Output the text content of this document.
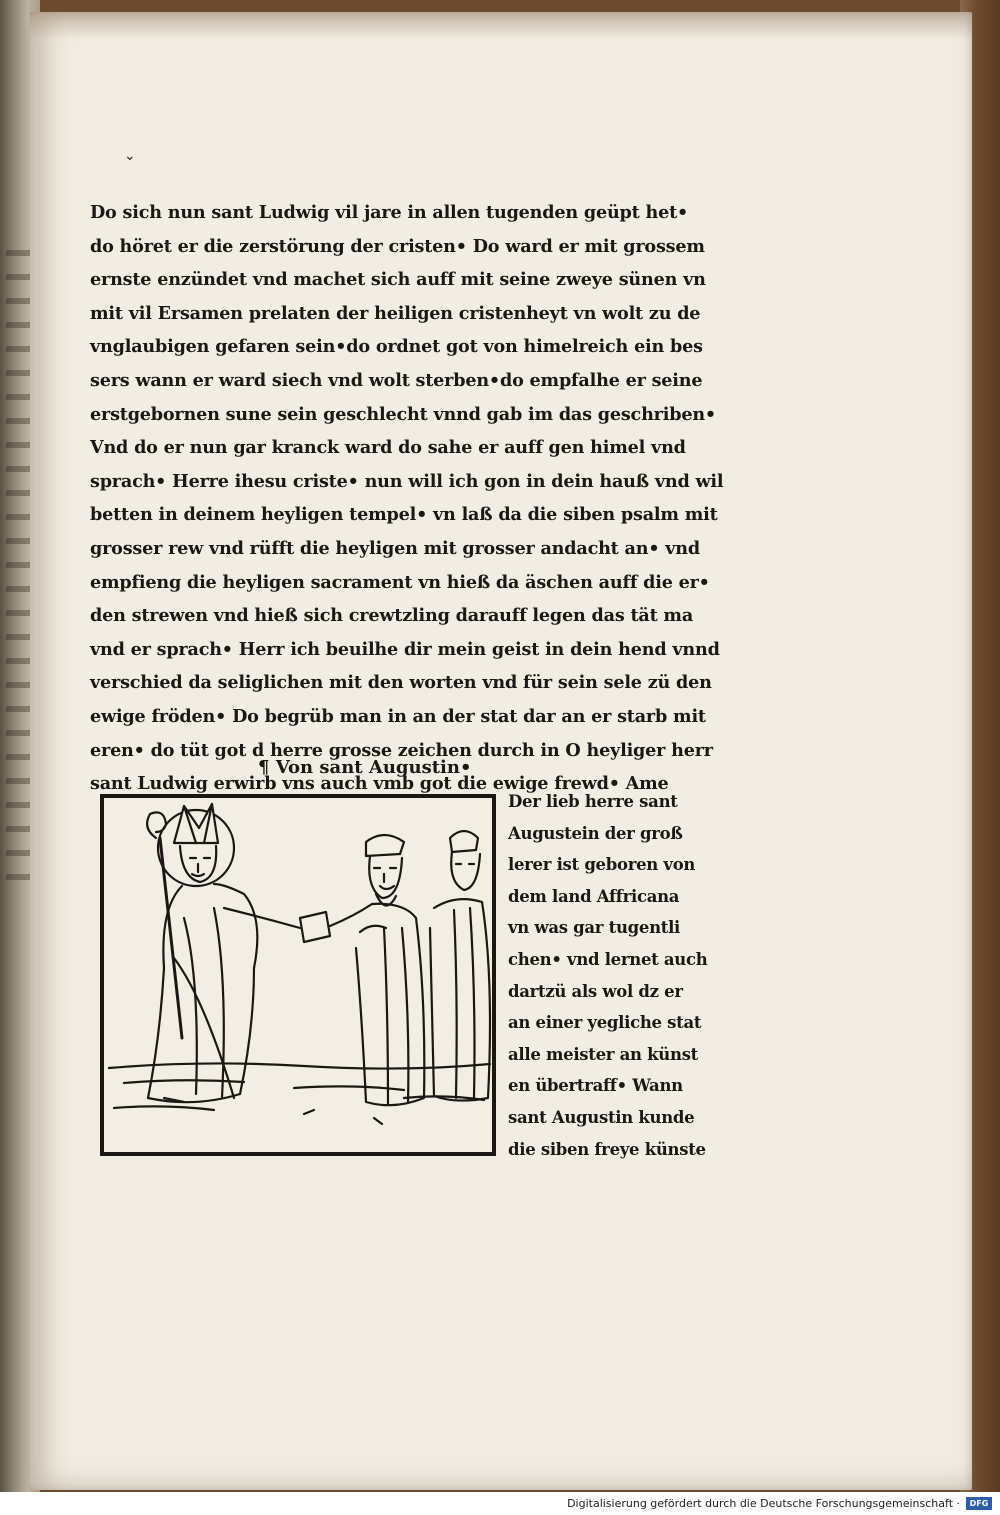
⌄
Do sich nun sant Ludwig vil jare in allen tugenden geüpt het•
do höret er die zerstörung der cristen• Do ward er mit grossem
ernste enzündet vnd machet sich auff mit seine zweye sünen vn
mit vil Ersamen prelaten der heiligen cristenheyt vn wolt zu de
vnglaubigen gefaren sein•do ordnet got von himelreich ein bes
sers wann er ward siech vnd wolt sterben•do empfalhe er seine
erstgebornen sune sein geschlecht vnnd gab im das geschriben•
Vnd do er nun gar kranck ward do sahe er auff gen himel vnd
sprach• Herre ihesu criste• nun will ich gon in dein hauß vnd wil
betten in deinem heyligen tempel• vn laß da die siben psalm mit
grosser rew vnd rüfft die heyligen mit grosser andacht an• vnd
empfieng die heyligen sacrament vn hieß da äschen auff die er•
den strewen vnd hieß sich crewtzling darauff legen das tät ma
vnd er sprach• Herr ich beuilhe dir mein geist in dein hend vnnd
verschied da seliglichen mit den worten vnd für sein sele zü den
ewige fröden• Do begrüb man in an der stat dar an er starb mit
eren• do tüt got d herre grosse zeichen durch in O heyliger herr
sant Ludwig erwirb vns auch vmb got die ewige frewd• Ame
¶ Von sant Augustin•
Der lieb herre sant
Augustein der groß
lerer ist geboren von
dem land Affricana
vn was gar tugentli
chen• vnd lernet auch
dartzü als wol dz er
an einer yegliche stat
alle meister an künst
en übertraff• Wann
sant Augustin kunde
die siben freye künste
Digitalisierung gefördert durch die Deutsche Forschungsgemeinschaft ·	DFG
